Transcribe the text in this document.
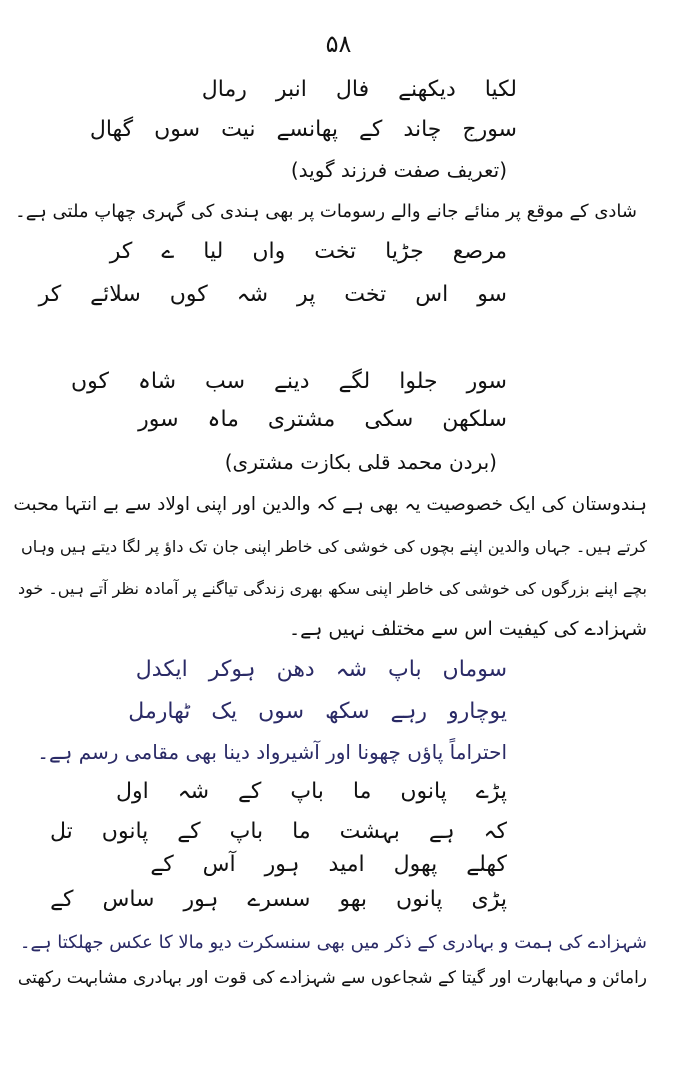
۵۸
لکیا دیکھنے فال انبر رمال
سورج چاند کے پھانسے نیت سوں گھال
(تعریف صفت فرزند گوید)
شادی کے موقع پر منائے جانے والے رسومات پر بھی ہندی کی گہری چھاپ ملتی ہے۔
مرصع جڑیا تخت واں لیا ے کر
سو اس تخت پر شہ کوں سلائے کر
سور جلوا لگے دینے سب شاہ کوں
سلکھن سکی مشتری ماہ سور
(بردن محمد قلی بکازت مشتری)
ہندوستان کی ایک خصوصیت یہ بھی ہے کہ والدین اور اپنی اولاد سے بے انتہا محبت
کرتے ہیں۔ جہاں والدین اپنے بچوں کی خوشی کی خاطر اپنی جان تک داؤ پر لگا دیتے ہیں وہاں
بچے اپنے بزرگوں کی خوشی کی خاطر اپنی سکھ بھری زندگی تیاگنے پر آمادہ نظر آتے ہیں۔ خود
شہزادے کی کیفیت اس سے مختلف نہیں ہے۔
سوماں باپ شہ دھن ہوکر ایکدل
یوچارو رہے سکھ سوں یک ٹھارمل
احتراماً پاؤں چھونا اور آشیرواد دینا بھی مقامی رسم ہے۔
پڑے پانوں ما باپ کے شہ اول
کہ ہے بہشت ما باپ کے پانوں تل
کھلے پھول امید ہور آس کے
پڑی پانوں بھو سسرے ہور ساس کے
شہزادے کی ہمت و بہادری کے ذکر میں بھی سنسکرت دیو مالا کا عکس جھلکتا ہے۔
رامائن و مہابھارت اور گیتا کے شجاعوں سے شہزادے کی قوت اور بہادری مشابہت رکھتی
